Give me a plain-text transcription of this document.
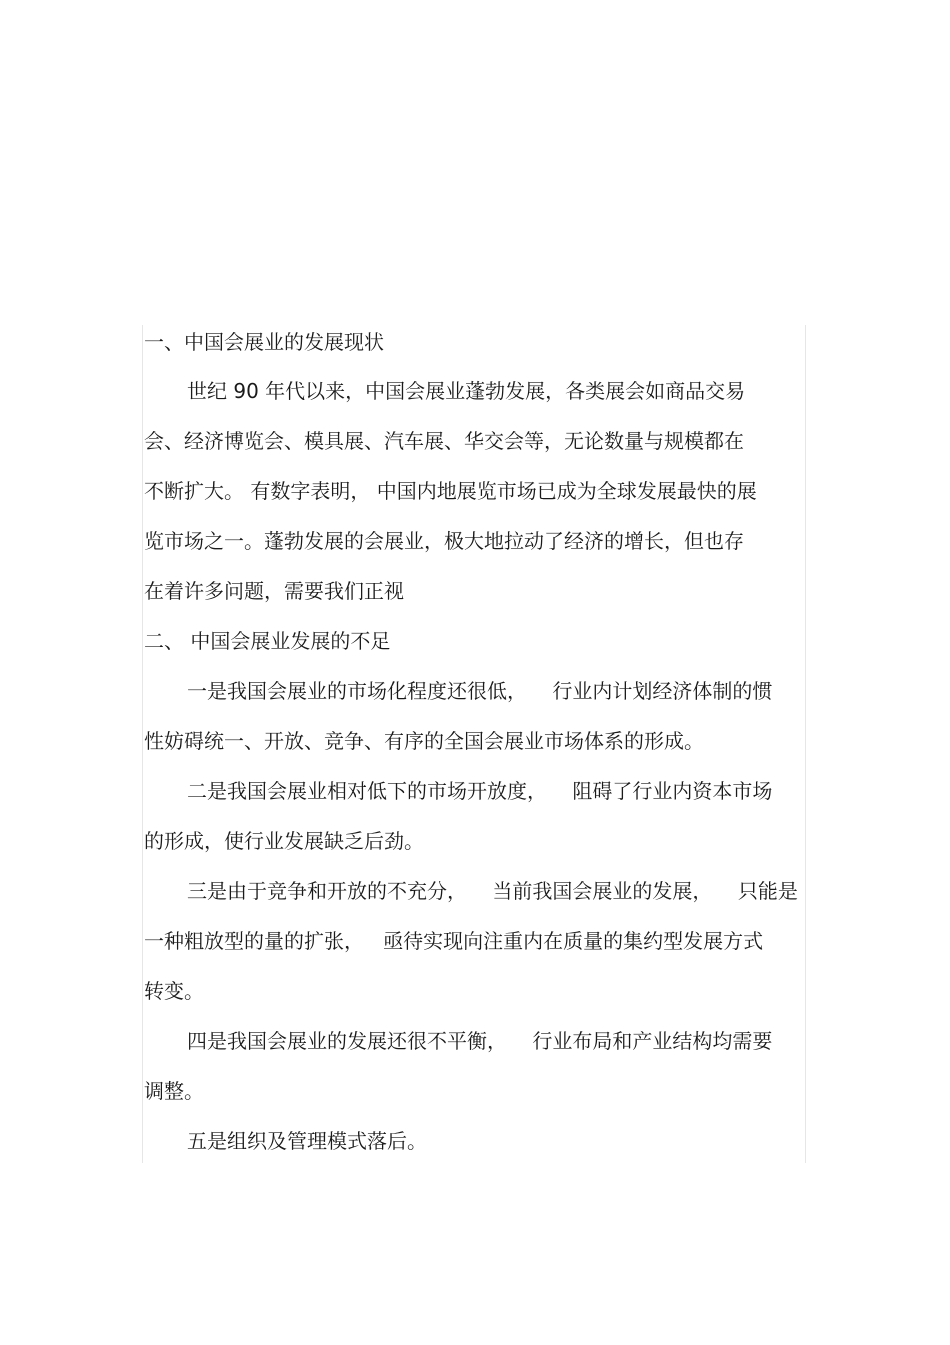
一、中国会展业的发展现状
世纪 90 年代以来，中国会展业蓬勃发展，各类展会如商品交易
会、经济博览会、模具展、汽车展、华交会等，无论数量与规模都在
不断扩大。 有数字表明， 中国内地展览市场已成为全球发展最快的展
览市场之一。蓬勃发展的会展业，极大地拉动了经济的增长，但也存
在着许多问题，需要我们正视
二、 中国会展业发展的不足
一是我国会展业的市场化程度还很低，    行业内计划经济体制的惯
性妨碍统一、开放、竞争、有序的全国会展业市场体系的形成。
二是我国会展业相对低下的市场开放度，    阻碍了行业内资本市场
的形成，使行业发展缺乏后劲。
三是由于竞争和开放的不充分，    当前我国会展业的发展，    只能是
一种粗放型的量的扩张，   亟待实现向注重内在质量的集约型发展方式
转变。
四是我国会展业的发展还很不平衡，    行业布局和产业结构均需要
调整。
五是组织及管理模式落后。
